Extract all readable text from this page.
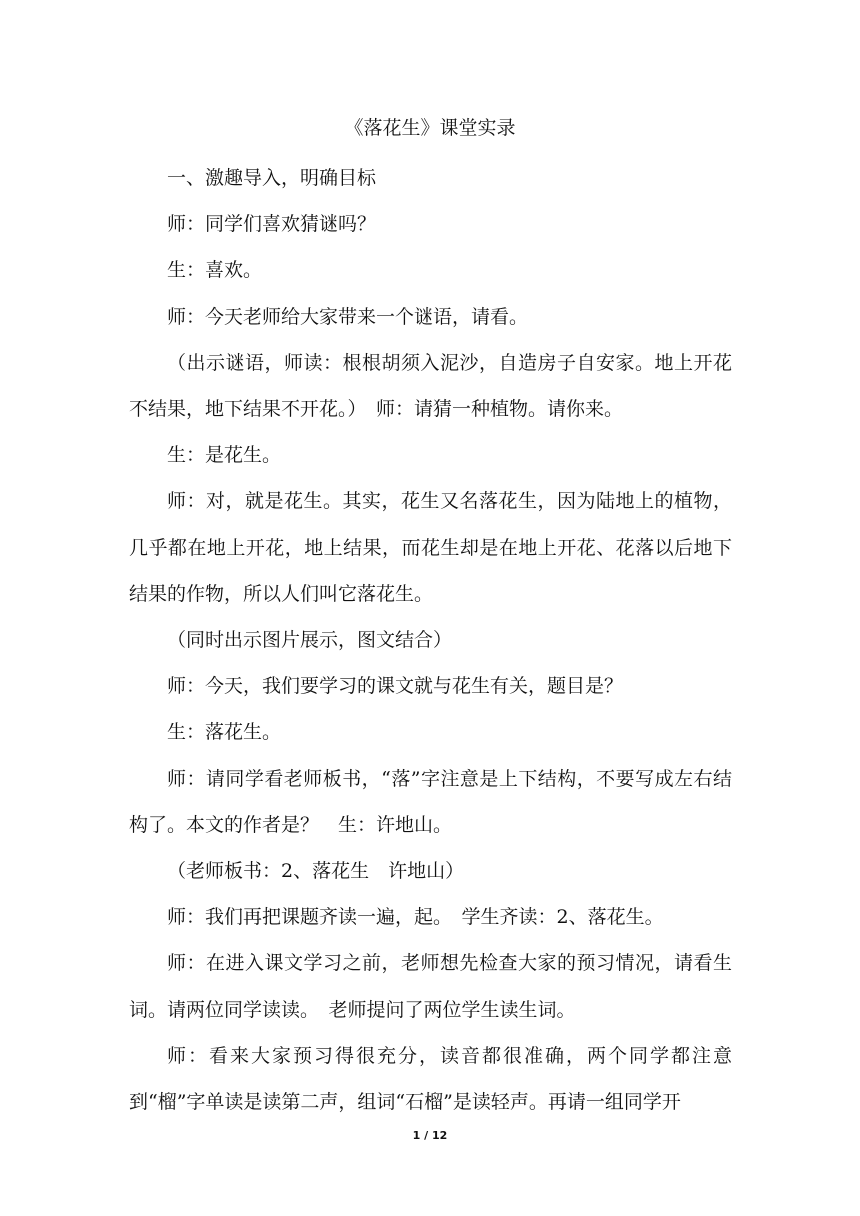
《落花生》课堂实录

一、激趣导入，明确目标

师：同学们喜欢猜谜吗？

生：喜欢。

师：今天老师给大家带来一个谜语，请看。

（出示谜语，师读：根根胡须入泥沙，自造房子自安家。地上开花不结果，地下结果不开花。）　师：请猜一种植物。请你来。

生：是花生。

师：对，就是花生。其实，花生又名落花生，因为陆地上的植物，几乎都在地上开花，地上结果，而花生却是在地上开花、花落以后地下结果的作物，所以人们叫它落花生。

（同时出示图片展示，图文结合）

师：今天，我们要学习的课文就与花生有关，题目是？

生：落花生。

师：请同学看老师板书，“落”字注意是上下结构，不要写成左右结构了。本文的作者是？　生：许地山。

（老师板书：2、落花生　许地山）

师：我们再把课题齐读一遍，起。　学生齐读：2、落花生。

师：在进入课文学习之前，老师想先检查大家的预习情况，请看生词。请两位同学读读。　老师提问了两位学生读生词。

师：看来大家预习得很充分，读音都很准确，两个同学都注意到“榴”字单读是读第二声，组词“石榴”是读轻声。再请一组同学开

1 / 12
